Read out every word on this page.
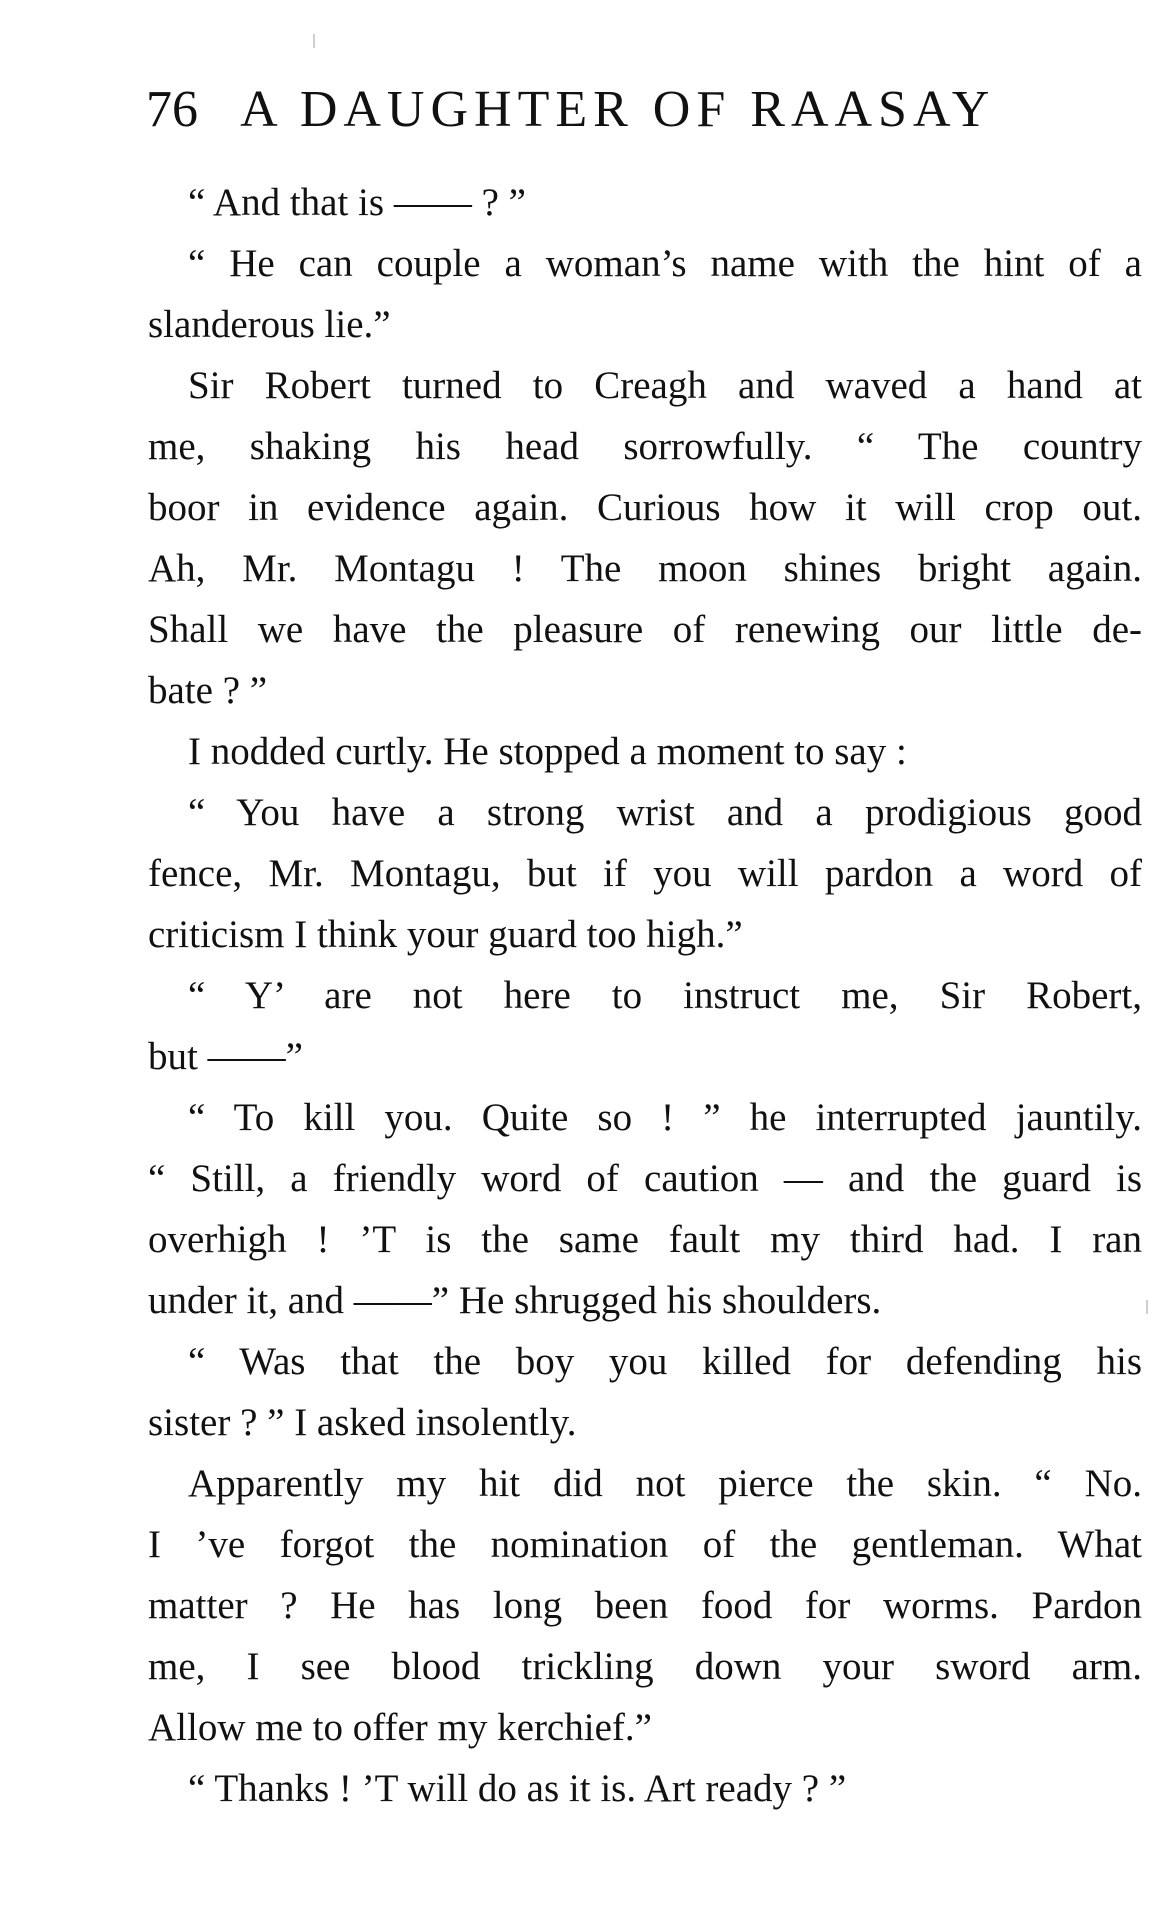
76 A DAUGHTER OF RAASAY
“ And that is —— ? ”
“ He can couple a woman’s name with the hint of a
slanderous lie.”
Sir Robert turned to Creagh and waved a hand at
me, shaking his head sorrowfully. “ The country
boor in evidence again. Curious how it will crop out.
Ah, Mr. Montagu ! The moon shines bright again.
Shall we have the pleasure of renewing our little de-
bate ? ”
I nodded curtly. He stopped a moment to say :
“ You have a strong wrist and a prodigious good
fence, Mr. Montagu, but if you will pardon a word of
criticism I think your guard too high.”
“ Y’ are not here to instruct me, Sir Robert,
but ——”
“ To kill you. Quite so ! ” he interrupted jauntily.
“ Still, a friendly word of caution — and the guard is
overhigh ! ’T is the same fault my third had. I ran
under it, and ——” He shrugged his shoulders.
“ Was that the boy you killed for defending his
sister ? ” I asked insolently.
Apparently my hit did not pierce the skin. “ No.
I ’ve forgot the nomination of the gentleman. What
matter ? He has long been food for worms. Pardon
me, I see blood trickling down your sword arm.
Allow me to offer my kerchief.”
“ Thanks ! ’T will do as it is. Art ready ? ”
